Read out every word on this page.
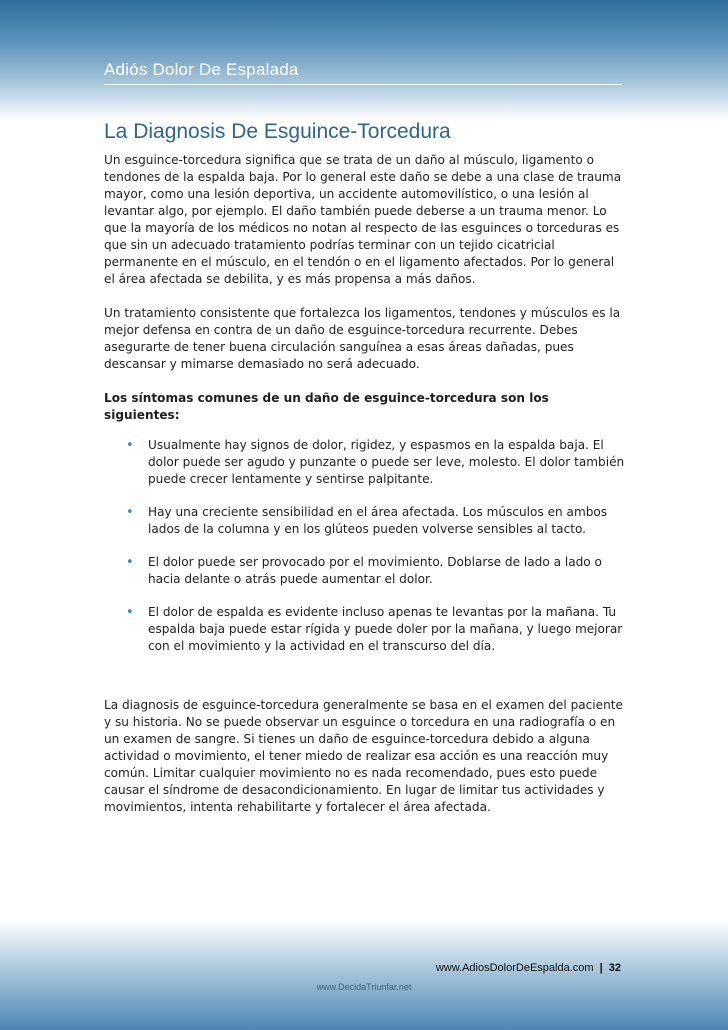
Adiós Dolor De Espalada
La Diagnosis De Esguince-Torcedura

Un esguince-torcedura significa que se trata de un daño al músculo, ligamento o tendones de la espalda baja. Por lo general este daño se debe a una clase de trauma mayor, como una lesión deportiva, un accidente automovilístico, o una lesión al levantar algo, por ejemplo. El daño también puede deberse a un trauma menor. Lo que la mayoría de los médicos no notan al respecto de las esguinces o torceduras es que sin un adecuado tratamiento podrías terminar con un tejido cicatricial permanente en el músculo, en el tendón o en el ligamento afectados. Por lo general el área afectada se debilita, y es más propensa a más daños.

Un tratamiento consistente que fortalezca los ligamentos, tendones y músculos es la mejor defensa en contra de un daño de esguince-torcedura recurrente. Debes asegurarte de tener buena circulación sanguínea a esas áreas dañadas, pues descansar y mimarse demasiado no será adecuado.

Los síntomas comunes de un daño de esguince-torcedura son los siguientes:

• Usualmente hay signos de dolor, rigidez, y espasmos en la espalda baja. El dolor puede ser agudo y punzante o puede ser leve, molesto. El dolor también puede crecer lentamente y sentirse palpitante.
• Hay una creciente sensibilidad en el área afectada. Los músculos en ambos lados de la columna y en los glúteos pueden volverse sensibles al tacto.
• El dolor puede ser provocado por el movimiento. Doblarse de lado a lado o hacia delante o atrás puede aumentar el dolor.
• El dolor de espalda es evidente incluso apenas te levantas por la mañana. Tu espalda baja puede estar rígida y puede doler por la mañana, y luego mejorar con el movimiento y la actividad en el transcurso del día.

La diagnosis de esguince-torcedura generalmente se basa en el examen del paciente y su historia. No se puede observar un esguince o torcedura en una radiografía o en un examen de sangre. Si tienes un daño de esguince-torcedura debido a alguna actividad o movimiento, el tener miedo de realizar esa acción es una reacción muy común. Limitar cualquier movimiento no es nada recomendado, pues esto puede causar el síndrome de desacondicionamiento. En lugar de limitar tus actividades y movimientos, intenta rehabilitarte y fortalecer el área afectada.

www.AdiosDolorDeEspalda.com | 32
www.DecidaTriunfar.net
